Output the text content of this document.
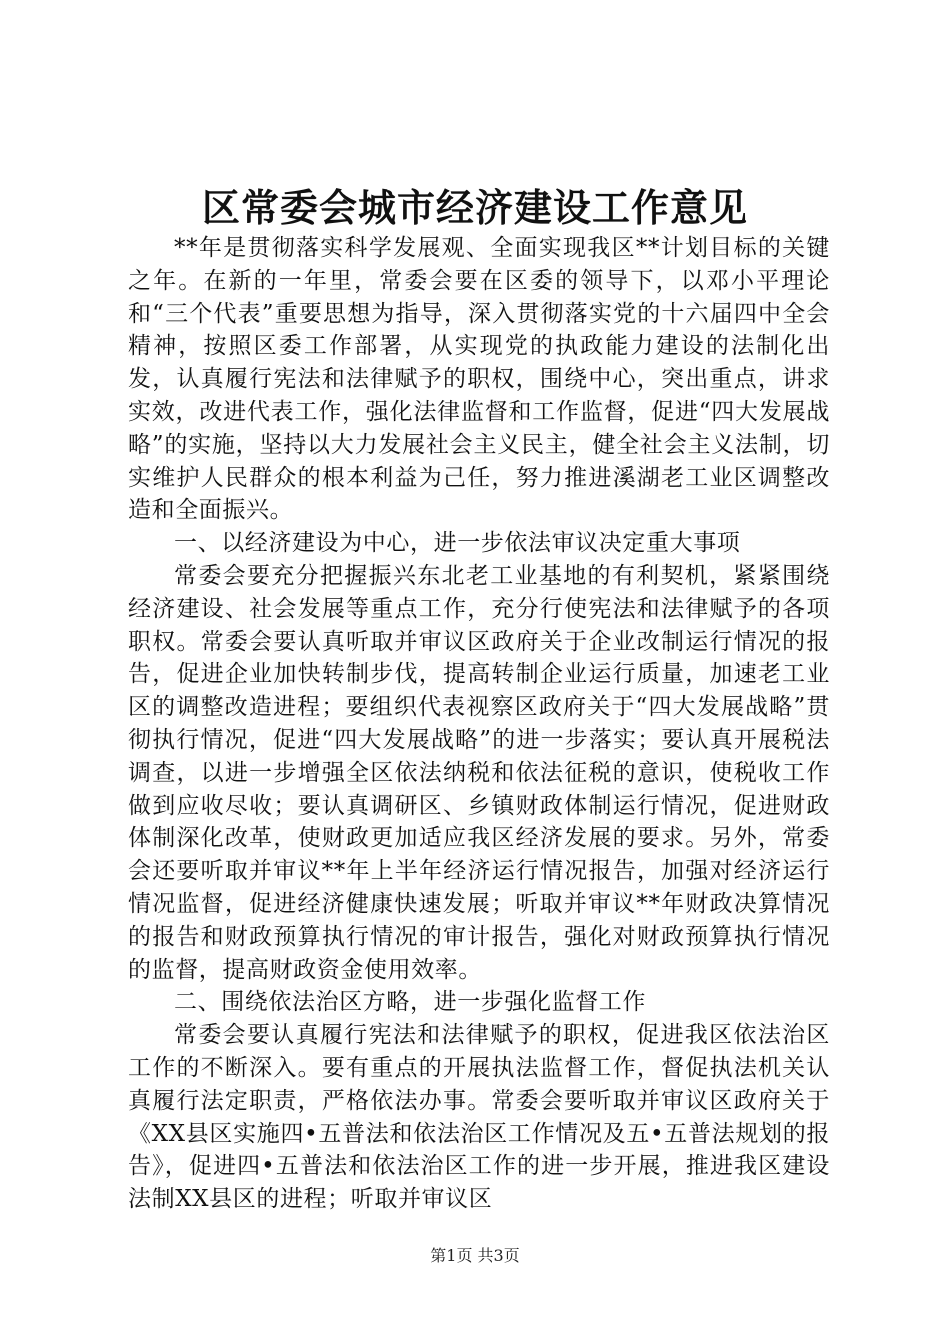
区常委会城市经济建设工作意见

**年是贯彻落实科学发展观、全面实现我区**计划目标的关键之年。在新的一年里，常委会要在区委的领导下，以邓小平理论和“三个代表”重要思想为指导，深入贯彻落实党的十六届四中全会精神，按照区委工作部署，从实现党的执政能力建设的法制化出发，认真履行宪法和法律赋予的职权，围绕中心，突出重点，讲求实效，改进代表工作，强化法律监督和工作监督，促进“四大发展战略”的实施，坚持以大力发展社会主义民主，健全社会主义法制，切实维护人民群众的根本利益为己任，努力推进溪湖老工业区调整改造和全面振兴。

一、以经济建设为中心，进一步依法审议决定重大事项

常委会要充分把握振兴东北老工业基地的有利契机，紧紧围绕经济建设、社会发展等重点工作，充分行使宪法和法律赋予的各项职权。常委会要认真听取并审议区政府关于企业改制运行情况的报告，促进企业加快转制步伐，提高转制企业运行质量，加速老工业区的调整改造进程；要组织代表视察区政府关于“四大发展战略”贯彻执行情况，促进“四大发展战略”的进一步落实；要认真开展税法调查，以进一步增强全区依法纳税和依法征税的意识，使税收工作做到应收尽收；要认真调研区、乡镇财政体制运行情况，促进财政体制深化改革，使财政更加适应我区经济发展的要求。另外，常委会还要听取并审议**年上半年经济运行情况报告，加强对经济运行情况监督，促进经济健康快速发展；听取并审议**年财政决算情况的报告和财政预算执行情况的审计报告，强化对财政预算执行情况的监督，提高财政资金使用效率。

二、围绕依法治区方略，进一步强化监督工作

常委会要认真履行宪法和法律赋予的职权，促进我区依法治区工作的不断深入。要有重点的开展执法监督工作，督促执法机关认真履行法定职责，严格依法办事。常委会要听取并审议区政府关于《XX县区实施四•五普法和依法治区工作情况及五•五普法规划的报告》，促进四•五普法和依法治区工作的进一步开展，推进我区建设法制XX县区的进程；听取并审议区

第1页 共3页
